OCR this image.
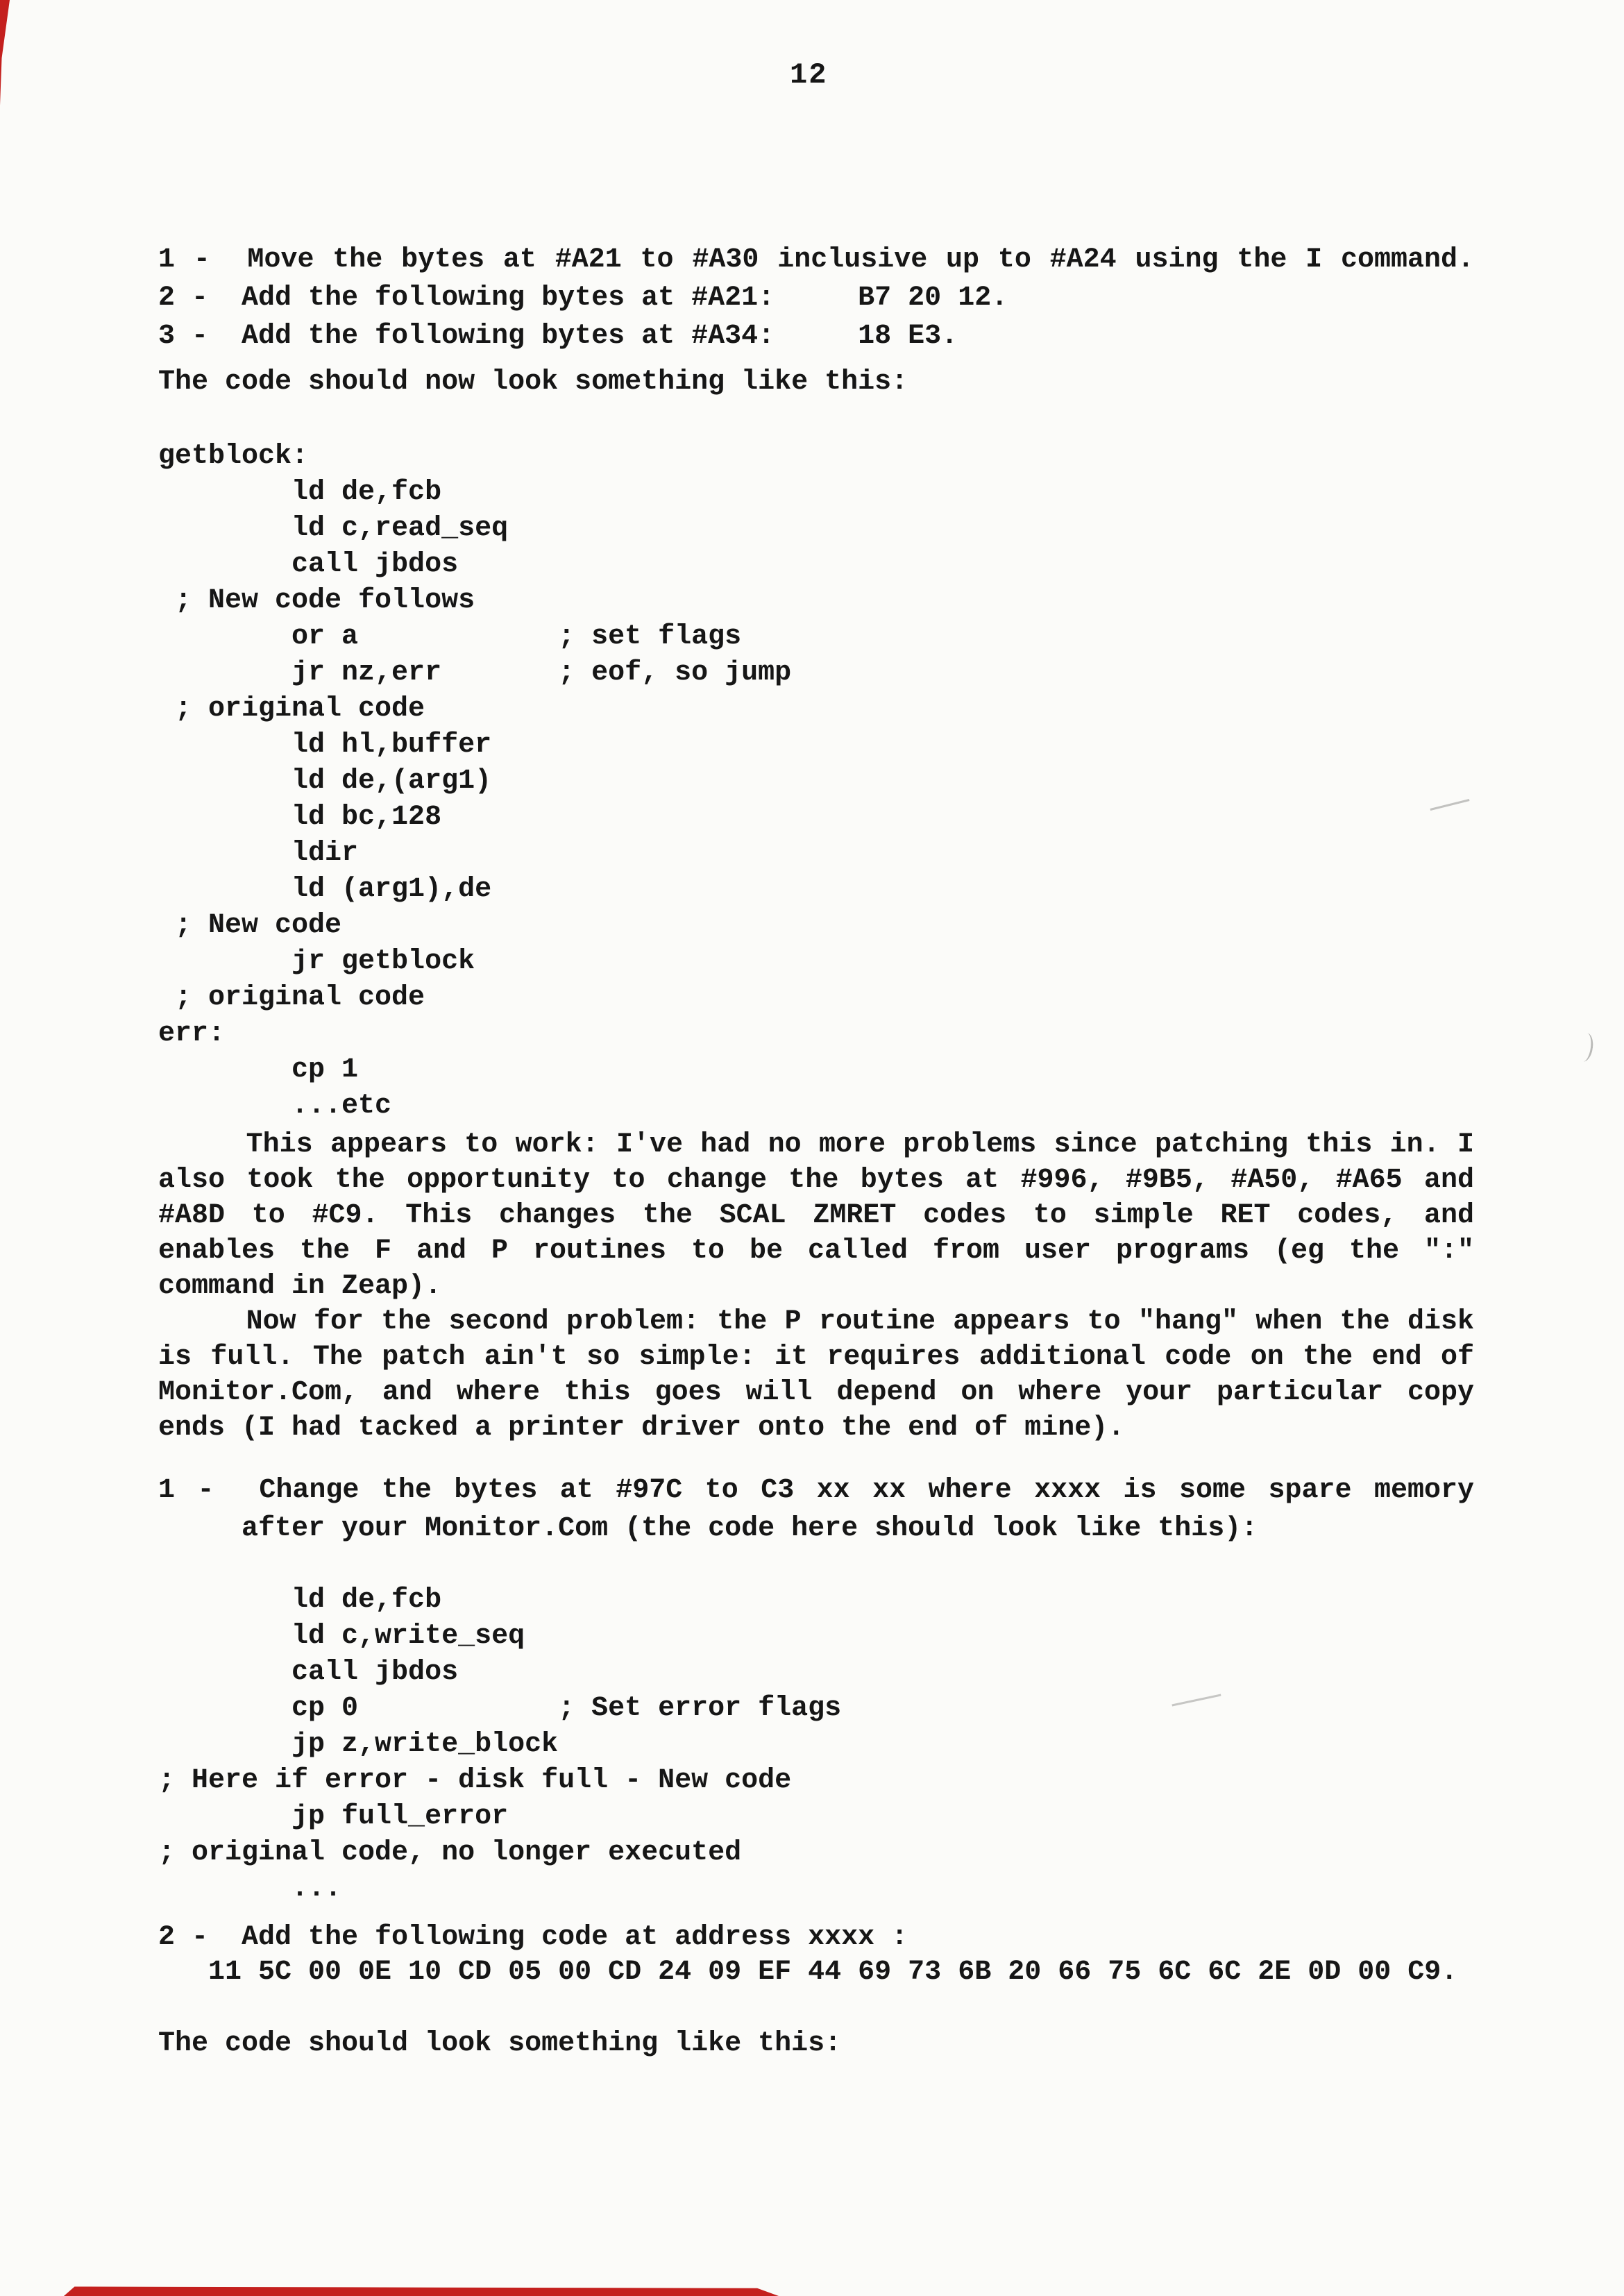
12
1 -  Move the bytes at #A21 to #A30 inclusive up to #A24 using the I command.
2 -  Add the following bytes at #A21:     B7 20 12.
3 -  Add the following bytes at #A34:     18 E3.
The code should now look something like this:
getblock:
ld de,fcb
ld c,read_seq
call jbdos
; New code follows
or a            ; set flags
jr nz,err       ; eof, so jump
; original code
ld hl,buffer
ld de,(arg1)
ld bc,128
ldir
ld (arg1),de
; New code
jr getblock
; original code
err:
cp 1
...etc
This appears to work: I've had no more problems since patching this in. I
also took the opportunity to change the bytes at #996, #9B5, #A50, #A65 and
#A8D to #C9. This changes the SCAL ZMRET codes to simple RET codes, and
enables the F and P routines to be called from user programs (eg the ":"
command in Zeap).
Now for the second problem: the P routine appears to "hang" when the disk
is full. The patch ain't so simple: it requires additional code on the end of
Monitor.Com, and where this goes will depend on where your particular copy
ends (I had tacked a printer driver onto the end of mine).
1 -  Change the bytes at #97C to C3 xx xx where xxxx is some spare memory
after your Monitor.Com (the code here should look like this):
ld de,fcb
ld c,write_seq
call jbdos
cp 0            ; Set error flags
jp z,write_block
; Here if error - disk full - New code
jp full_error
; original code, no longer executed
...
2 -  Add the following code at address xxxx :
11 5C 00 0E 10 CD 05 00 CD 24 09 EF 44 69 73 6B 20 66 75 6C 6C 2E 0D 00 C9.
The code should look something like this:
